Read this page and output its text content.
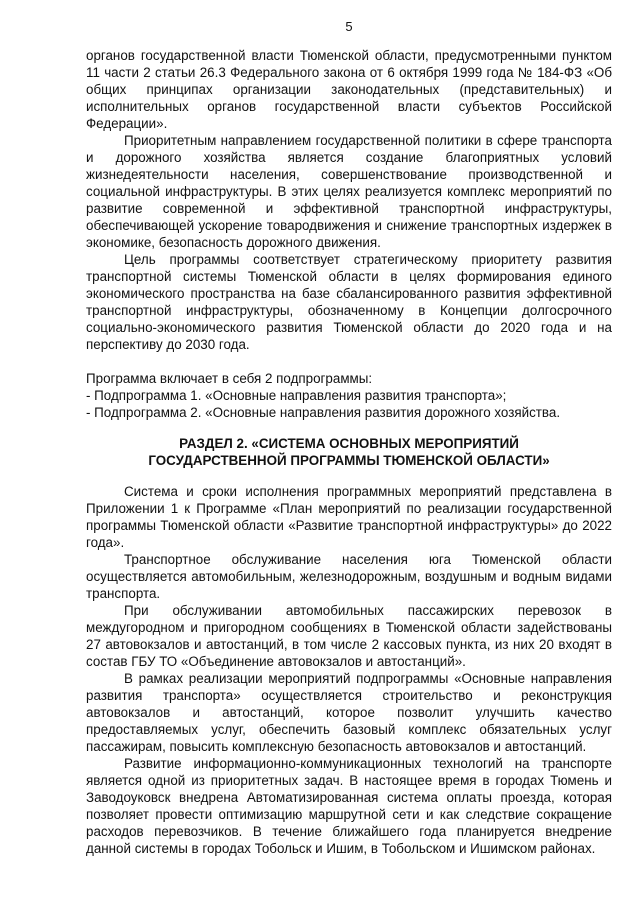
5

органов государственной власти Тюменской области, предусмотренными пунктом 11 части 2 статьи 26.3 Федерального закона от 6 октября 1999 года № 184-ФЗ «Об общих принципах организации законодательных (представительных) и исполнительных органов государственной власти субъектов Российской Федерации».

Приоритетным направлением государственной политики в сфере транспорта и дорожного хозяйства является создание благоприятных условий жизнедеятельности населения, совершенствование производственной и социальной инфраструктуры. В этих целях реализуется комплекс мероприятий по развитие современной и эффективной транспортной инфраструктуры, обеспечивающей ускорение товародвижения и снижение транспортных издержек в экономике, безопасность дорожного движения.

Цель программы соответствует стратегическому приоритету развития транспортной системы Тюменской области в целях формирования единого экономического пространства на базе сбалансированного развития эффективной транспортной инфраструктуры, обозначенному в Концепции долгосрочного социально-экономического развития Тюменской области до 2020 года и на перспективу до 2030 года.

Программа включает в себя 2 подпрограммы:

- Подпрограмма 1. «Основные направления развития транспорта»;

- Подпрограмма 2. «Основные направления развития дорожного хозяйства.

РАЗДЕЛ 2. «СИСТЕМА ОСНОВНЫХ МЕРОПРИЯТИЙ
ГОСУДАРСТВЕННОЙ ПРОГРАММЫ ТЮМЕНСКОЙ ОБЛАСТИ»

Система и сроки исполнения программных мероприятий представлена в Приложении 1 к Программе «План мероприятий по реализации государственной программы Тюменской области «Развитие транспортной инфраструктуры» до 2022 года».

Транспортное обслуживание населения юга Тюменской области осуществляется автомобильным, железнодорожным, воздушным и водным видами транспорта.

При обслуживании автомобильных пассажирских перевозок в междугородном и пригородном сообщениях в Тюменской области задействованы 27 автовокзалов и автостанций, в том числе 2 кассовых пункта, из них 20 входят в состав ГБУ ТО «Объединение автовокзалов и автостанций».

В рамках реализации мероприятий подпрограммы «Основные направления развития транспорта» осуществляется строительство и реконструкция автовокзалов и автостанций, которое позволит улучшить качество предоставляемых услуг, обеспечить базовый комплекс обязательных услуг пассажирам, повысить комплексную безопасность автовокзалов и автостанций.

Развитие информационно-коммуникационных технологий на транспорте является одной из приоритетных задач. В настоящее время в городах Тюмень и Заводоуковск внедрена Автоматизированная система оплаты проезда, которая позволяет провести оптимизацию маршрутной сети и как следствие сокращение расходов перевозчиков. В течение ближайшего года планируется внедрение данной системы в городах Тобольск и Ишим, в Тобольском и Ишимском районах.
